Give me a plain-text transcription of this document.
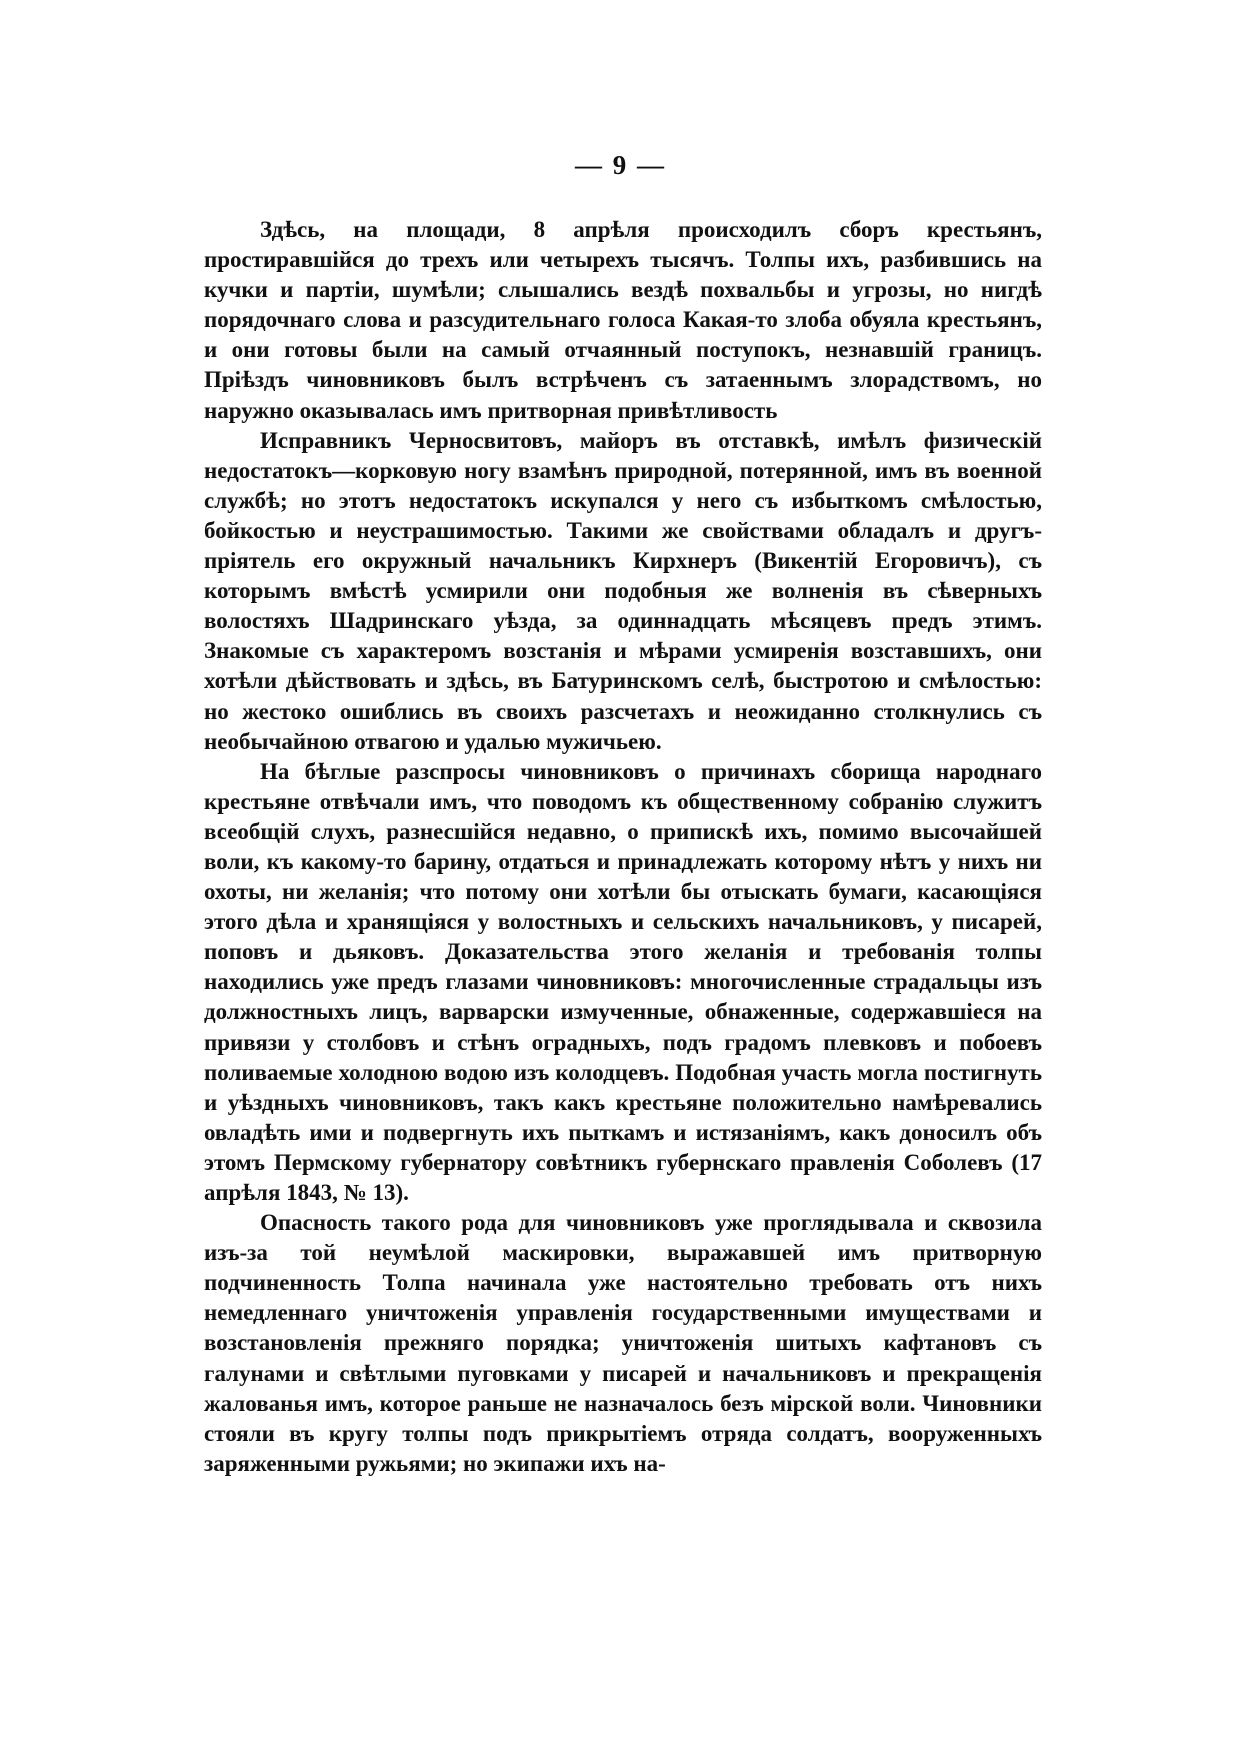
— 9 —

Здѣсь, на площади, 8 апрѣля происходилъ сборъ крестьянъ, простиравшійся до трехъ или четырехъ тысячъ. Толпы ихъ, разбившись на кучки и партіи, шумѣли; слышались вездѣ похвальбы и угрозы, но нигдѣ порядочнаго слова и разсудительнаго голоса Какая-то злоба обуяла крестьянъ, и они готовы были на самый отчаянный поступокъ, незнавшій границъ. Пріѣздъ чиновниковъ былъ встрѣченъ съ затаеннымъ злорадствомъ, но наружно оказывалась имъ притворная привѣтливость

Исправникъ Черносвитовъ, майоръ въ отставкѣ, имѣлъ физическій недостатокъ—корковую ногу взамѣнъ природной, потерянной, имъ въ военной службѣ; но этотъ недостатокъ искупался у него съ избыткомъ смѣлостью, бойкостью и неустрашимостью. Такими же свойствами обладалъ и другъ-пріятель его окружный начальникъ Кирхнеръ (Викентій Егоровичъ), съ которымъ вмѣстѣ усмирили они подобныя же волненія въ сѣверныхъ волостяхъ Шадринскаго уѣзда, за одиннадцать мѣсяцевъ предъ этимъ. Знакомые съ характеромъ возстанія и мѣрами усмиренія возставшихъ, они хотѣли дѣйствовать и здѣсь, въ Батуринскомъ селѣ, быстротою и смѣлостью: но жестоко ошиблись въ своихъ разсчетахъ и неожиданно столкнулись съ необычайною отвагою и удалью мужичьею.

На бѣглые разспросы чиновниковъ о причинахъ сборища народнаго крестьяне отвѣчали имъ, что поводомъ къ общественному собранію служитъ всеобщій слухъ, разнесшійся недавно, о припискѣ ихъ, помимо высочайшей воли, къ какому-то барину, отдаться и принадлежать которому нѣтъ у нихъ ни охоты, ни желанія; что потому они хотѣли бы отыскать бумаги, касающіяся этого дѣла и хранящіяся у волостныхъ и сельскихъ начальниковъ, у писарей, поповъ и дьяковъ. Доказательства этого желанія и требованія толпы находились уже предъ глазами чиновниковъ: многочисленные страдальцы изъ должностныхъ лицъ, варварски измученные, обнаженные, содержавшіеся на привязи у столбовъ и стѣнъ оградныхъ, подъ градомъ плевковъ и побоевъ поливаемые холодною водою изъ колодцевъ. Подобная участь могла постигнуть и уѣздныхъ чиновниковъ, такъ какъ крестьяне положительно намѣревались овладѣть ими и подвергнуть ихъ пыткамъ и истязаніямъ, какъ доносилъ объ этомъ Пермскому губернатору совѣтникъ губернскаго правленія Соболевъ (17 апрѣля 1843, № 13).

Опасность такого рода для чиновниковъ уже проглядывала и сквозила изъ-за той неумѣлой маскировки, выражавшей имъ притворную подчиненность Толпа начинала уже настоятельно требовать отъ нихъ немедленнаго уничтоженія управленія государственными имуществами и возстановленія прежняго порядка; уничтоженія шитыхъ кафтановъ съ галунами и свѣтлыми пуговками у писарей и начальниковъ и прекращенія жалованья имъ, которое раньше не назначалось безъ мірской воли. Чиновники стояли въ кругу толпы подъ прикрытіемъ отряда солдатъ, вооруженныхъ заряженными ружьями; но экипажи ихъ на-
